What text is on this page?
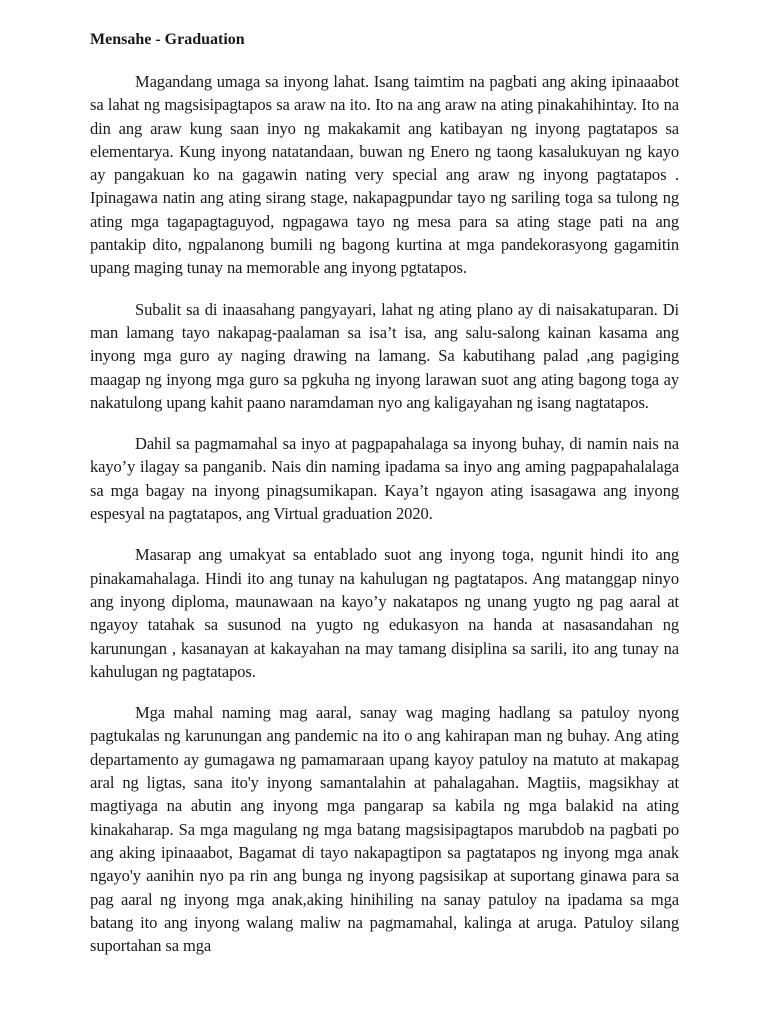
Mensahe - Graduation

Magandang umaga sa inyong lahat. Isang taimtim na pagbati ang aking ipinaaabot sa lahat ng magsisipagtapos sa araw na ito. Ito na ang araw na ating pinakahihintay. Ito na din ang araw kung saan inyo ng makakamit ang katibayan ng inyong pagtatapos sa elementarya. Kung inyong natatandaan, buwan ng Enero ng taong kasalukuyan ng kayo ay pangakuan ko na gagawin nating very special ang araw ng inyong pagtatapos . Ipinagawa natin ang ating sirang stage, nakapagpundar tayo ng sariling toga sa tulong ng ating mga tagapagtaguyod, ngpagawa tayo ng mesa para sa ating stage pati na ang pantakip dito, ngpalanong bumili ng bagong kurtina at mga pandekorasyong gagamitin upang maging tunay na memorable ang inyong pgtatapos.

Subalit sa di inaasahang pangyayari, lahat ng ating plano ay di naisakatuparan. Di man lamang tayo nakapag-paalaman sa isa’t isa, ang salu-salong kainan kasama ang inyong mga guro ay naging drawing na lamang. Sa kabutihang palad ,ang pagiging maagap ng inyong mga guro sa pgkuha ng inyong larawan suot ang ating bagong toga ay nakatulong upang kahit paano naramdaman nyo ang kaligayahan ng isang nagtatapos.

Dahil sa pagmamahal sa inyo at pagpapahalaga sa inyong buhay, di namin nais na kayo’y ilagay sa panganib. Nais din naming ipadama sa inyo ang aming pagpapahalalaga sa mga bagay na inyong pinagsumikapan. Kaya’t ngayon ating isasagawa ang inyong espesyal na pagtatapos, ang Virtual graduation 2020.

Masarap ang umakyat sa entablado suot ang inyong toga, ngunit hindi ito ang pinakamahalaga. Hindi ito ang tunay na kahulugan ng pagtatapos. Ang matanggap ninyo ang inyong diploma, maunawaan na kayo’y nakatapos ng unang yugto ng pag aaral at ngayoy tatahak sa susunod na yugto ng edukasyon na handa at nasasandahan ng karunungan , kasanayan at kakayahan na may tamang disiplina sa sarili, ito ang tunay na kahulugan ng pagtatapos.

Mga mahal naming mag aaral, sanay wag maging hadlang sa patuloy nyong pagtukalas ng karunungan ang pandemic na ito o ang kahirapan man ng buhay. Ang ating departamento ay gumagawa ng pamamaraan upang kayoy patuloy na matuto at makapag aral ng ligtas, sana ito'y inyong samantalahin at pahalagahan. Magtiis, magsikhay at magtiyaga na abutin ang inyong mga pangarap sa kabila ng mga balakid na ating kinakaharap. Sa mga magulang ng mga batang magsisipagtapos marubdob na pagbati po ang aking ipinaaabot, Bagamat di tayo nakapagtipon sa pagtatapos ng inyong mga anak ngayo'y aanihin nyo pa rin ang bunga ng inyong pagsisikap at suportang ginawa para sa pag aaral ng inyong mga anak,aking hinihiling na sanay patuloy na ipadama sa mga batang ito ang inyong walang maliw na pagmamahal, kalinga at aruga. Patuloy silang suportahan sa mga
